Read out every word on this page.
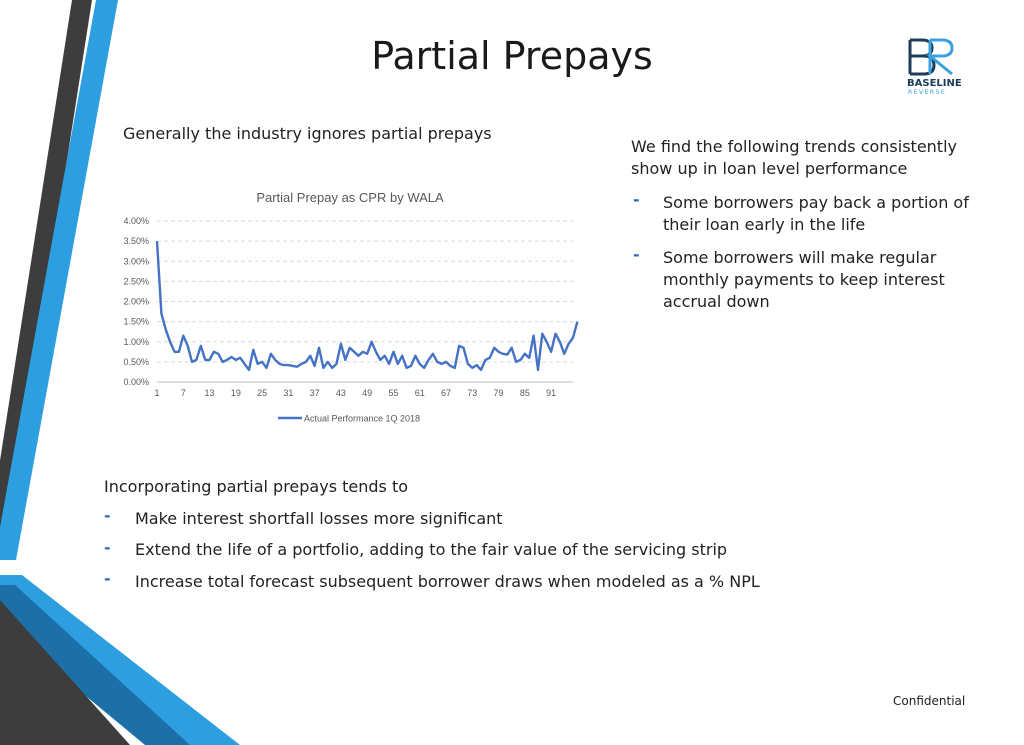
Partial Prepays
BASELINE
REVERSE
Generally the industry ignores partial prepays
We find the following trends consistently
show up in loan level performance
- Some borrowers pay back a portion of
their loan early in the life
- Some borrowers will make regular
monthly payments to keep interest
accrual down
Partial Prepay as CPR by WALA
0.00%
0.50%
1.00%
1.50%
2.00%
2.50%
3.00%
3.50%
4.00%
1 7 13 19 25 31 37 43 49 55 61 67 73 79 85 91
Actual Performance 1Q 2018
Incorporating partial prepays tends to
- Make interest shortfall losses more significant
- Extend the life of a portfolio, adding to the fair value of the servicing strip
- Increase total forecast subsequent borrower draws when modeled as a % NPL
Confidential
